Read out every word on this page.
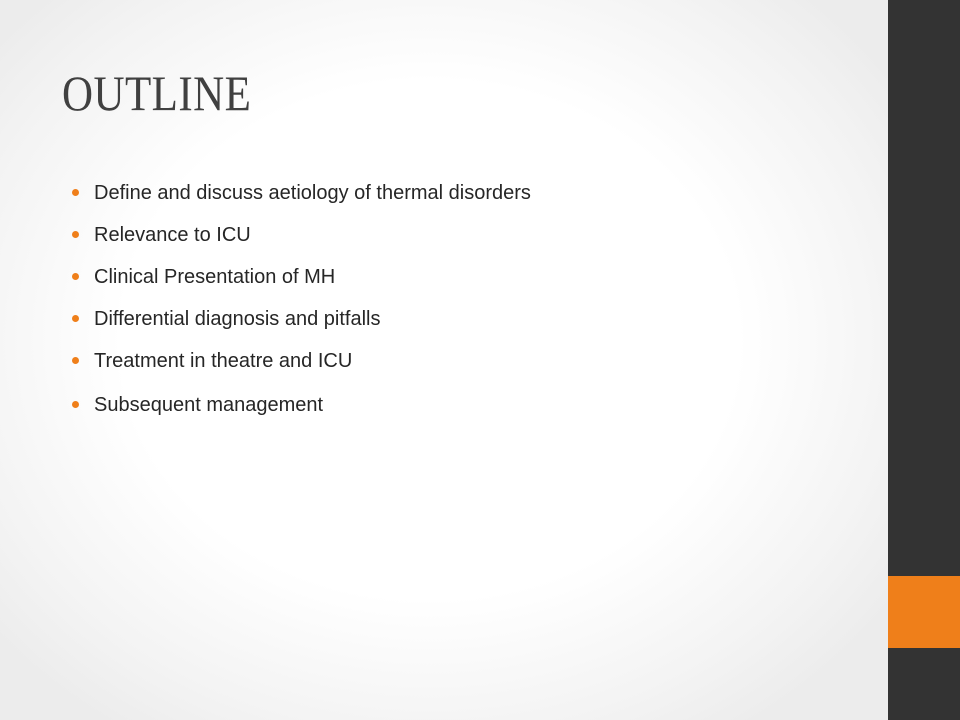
OUTLINE
Define and discuss aetiology of thermal disorders
Relevance to ICU
Clinical Presentation of MH
Differential diagnosis and pitfalls
Treatment in theatre and ICU
Subsequent management
